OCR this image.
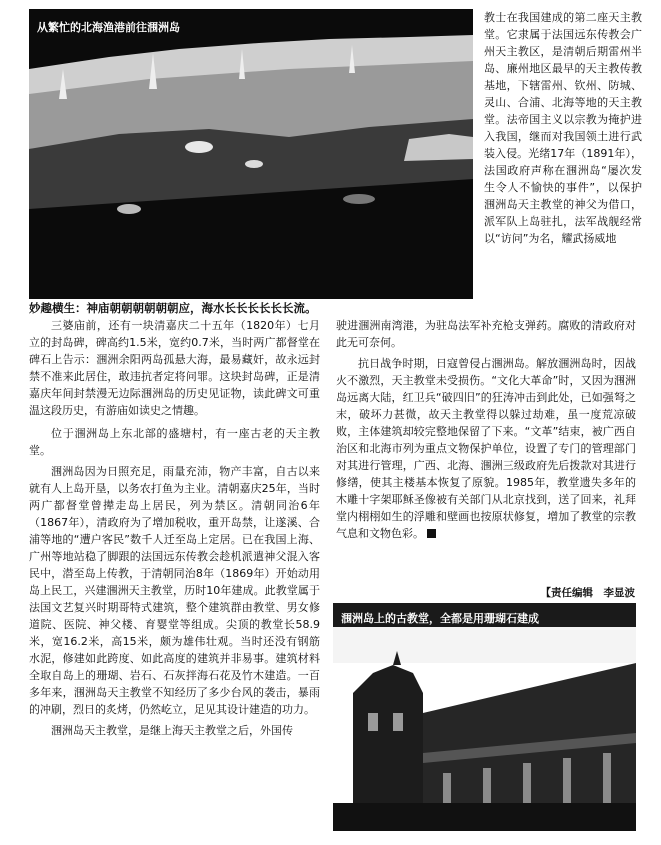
从繁忙的北海渔港前往涠洲岛

教士在我国建成的第二座天主教堂。它隶属于法国远东传教会广州天主教区，是清朝后期雷州半岛、廉州地区最早的天主教传教基地，下辖雷州、钦州、防城、灵山、合浦、北海等地的天主教堂。法帝国主义以宗教为掩护进入我国，继而对我国领土进行武装入侵。光绪17年（1891年），法国政府声称在涠洲岛“屡次发生令人不愉快的事件”，以保护涠洲岛天主教堂的神父为借口，派军队上岛驻扎，法军战舰经常以“访问”为名，耀武扬威地

妙趣横生：神庙朝朝朝朝朝朝应，海水长长长长长长流。

三婆庙前，还有一块清嘉庆二十五年（1820年）七月立的封岛碑，碑高约1.5米，宽约0.7米，当时两广都督堂在碑石上告示：涠洲余阳两岛孤悬大海，最易藏奸，故永远封禁不准来此居住，敢违抗者定将问罪。这块封岛碑，正是清嘉庆年间封禁漫无边际涠洲岛的历史见证物，读此碑文可重温这段历史，有游庙如读史之情趣。

位于涠洲岛上东北部的盛塘村，有一座古老的天主教堂。

涠洲岛因为日照充足，雨量充沛，物产丰富，自古以来就有人上岛开垦，以务农打鱼为主业。清朝嘉庆25年，当时两广都督堂曾撵走岛上居民，列为禁区。清朝同治6年（1867年），清政府为了增加税收，重开岛禁，让遂溪、合浦等地的“遭户客民”数千人迁至岛上定居。已在我国上海、广州等地站稳了脚跟的法国远东传教会趁机派遣神父混入客民中，潜至岛上传教，于清朝同治8年（1869年）开始动用岛上民工，兴建涠洲天主教堂，历时10年建成。此教堂属于法国文艺复兴时期哥特式建筑，整个建筑群由教堂、男女修道院、医院、神父楼、育婴堂等组成。尖顶的教堂长58.9米，宽16.2米，高15米，颇为雄伟壮观。当时还没有钢筋水泥，修建如此跨度、如此高度的建筑并非易事。建筑材料全取自岛上的珊瑚、岩石、石灰拌海石花及竹木建造。一百多年来，涠洲岛天主教堂不知经历了多少台风的袭击，暴雨的冲刷，烈日的炙烤，仍然屹立，足见其设计建造的功力。

涠洲岛天主教堂，是继上海天主教堂之后，外国传

驶进涠洲南湾港，为驻岛法军补充枪支弹药。腐败的清政府对此无可奈何。

抗日战争时期，日寇曾侵占涠洲岛。解放涠洲岛时，因战火不激烈，天主教堂未受损伤。“文化大革命”时，又因为涠洲岛远离大陆，红卫兵“破四旧”的狂涛冲击到此处，已如强弩之末，破坏力甚微，故天主教堂得以躲过劫难，虽一度荒凉破败，主体建筑却较完整地保留了下来。“文革”结束，被广西自治区和北海市列为重点文物保护单位，设置了专门的管理部门对其进行管理，广西、北海、涠洲三级政府先后拨款对其进行修缮，使其主楼基本恢复了原貌。1985年，教堂遗失多年的木雕十字架耶稣圣像被有关部门从北京找到，送了回来，礼拜堂内栩栩如生的浮雕和壁画也按原状修复，增加了教堂的宗教气息和文物色彩。

【责任编辑　李显波
涠洲岛上的古教堂，全都是用珊瑚石建成
